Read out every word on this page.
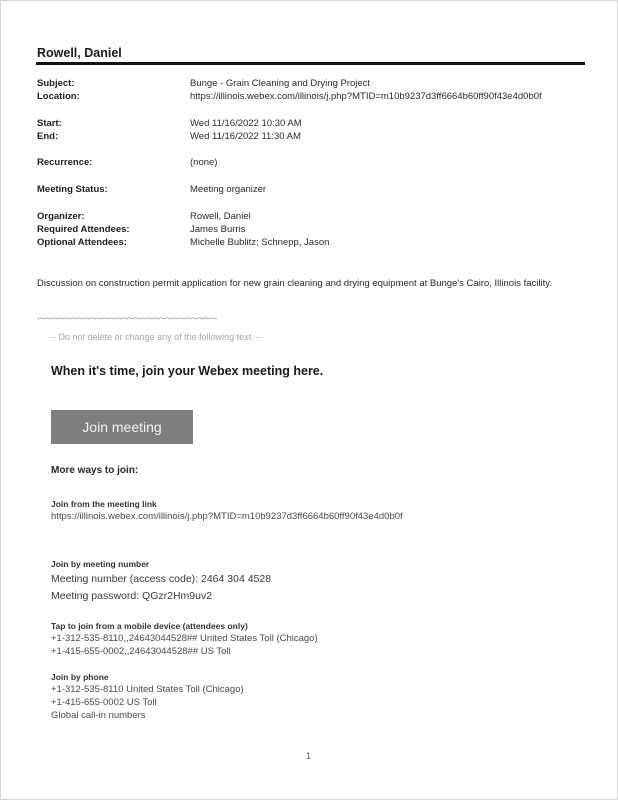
Rowell, Daniel
Subject:	Bunge - Grain Cleaning and Drying Project
Location:	https://illinois.webex.com/illinois/j.php?MTID=m10b9237d3ff6664b60ff90f43e4d0b0f
Start:	Wed 11/16/2022 10:30 AM
End:	Wed 11/16/2022 11:30 AM
Recurrence:	(none)
Meeting Status:	Meeting organizer
Organizer:	Rowell, Daniel
Required Attendees:	James Burris
Optional Attendees:	Michelle Bublitz; Schnepp, Jason
Discussion on construction permit application for new grain cleaning and drying equipment at Bunge's Cairo, Illinois facility.
-~-~-~-~-~-~-~-~-~-~-~-~-~-~-~-~-~-~-~-~-~-~-~-~-~-~-~-~-
-- Do not delete or change any of the following text. --
When it's time, join your Webex meeting here.
Join meeting
More ways to join:
Join from the meeting link
https://illinois.webex.com/illinois/j.php?MTID=m10b9237d3ff6664b60ff90f43e4d0b0f
Join by meeting number
Meeting number (access code): 2464 304 4528
Meeting password: QGzr2Hm9uv2
Tap to join from a mobile device (attendees only)
+1-312-535-8110,,24643044528## United States Toll (Chicago)
+1-415-655-0002,,24643044528## US Toll
Join by phone
+1-312-535-8110 United States Toll (Chicago)
+1-415-655-0002 US Toll
Global call-in numbers
1
